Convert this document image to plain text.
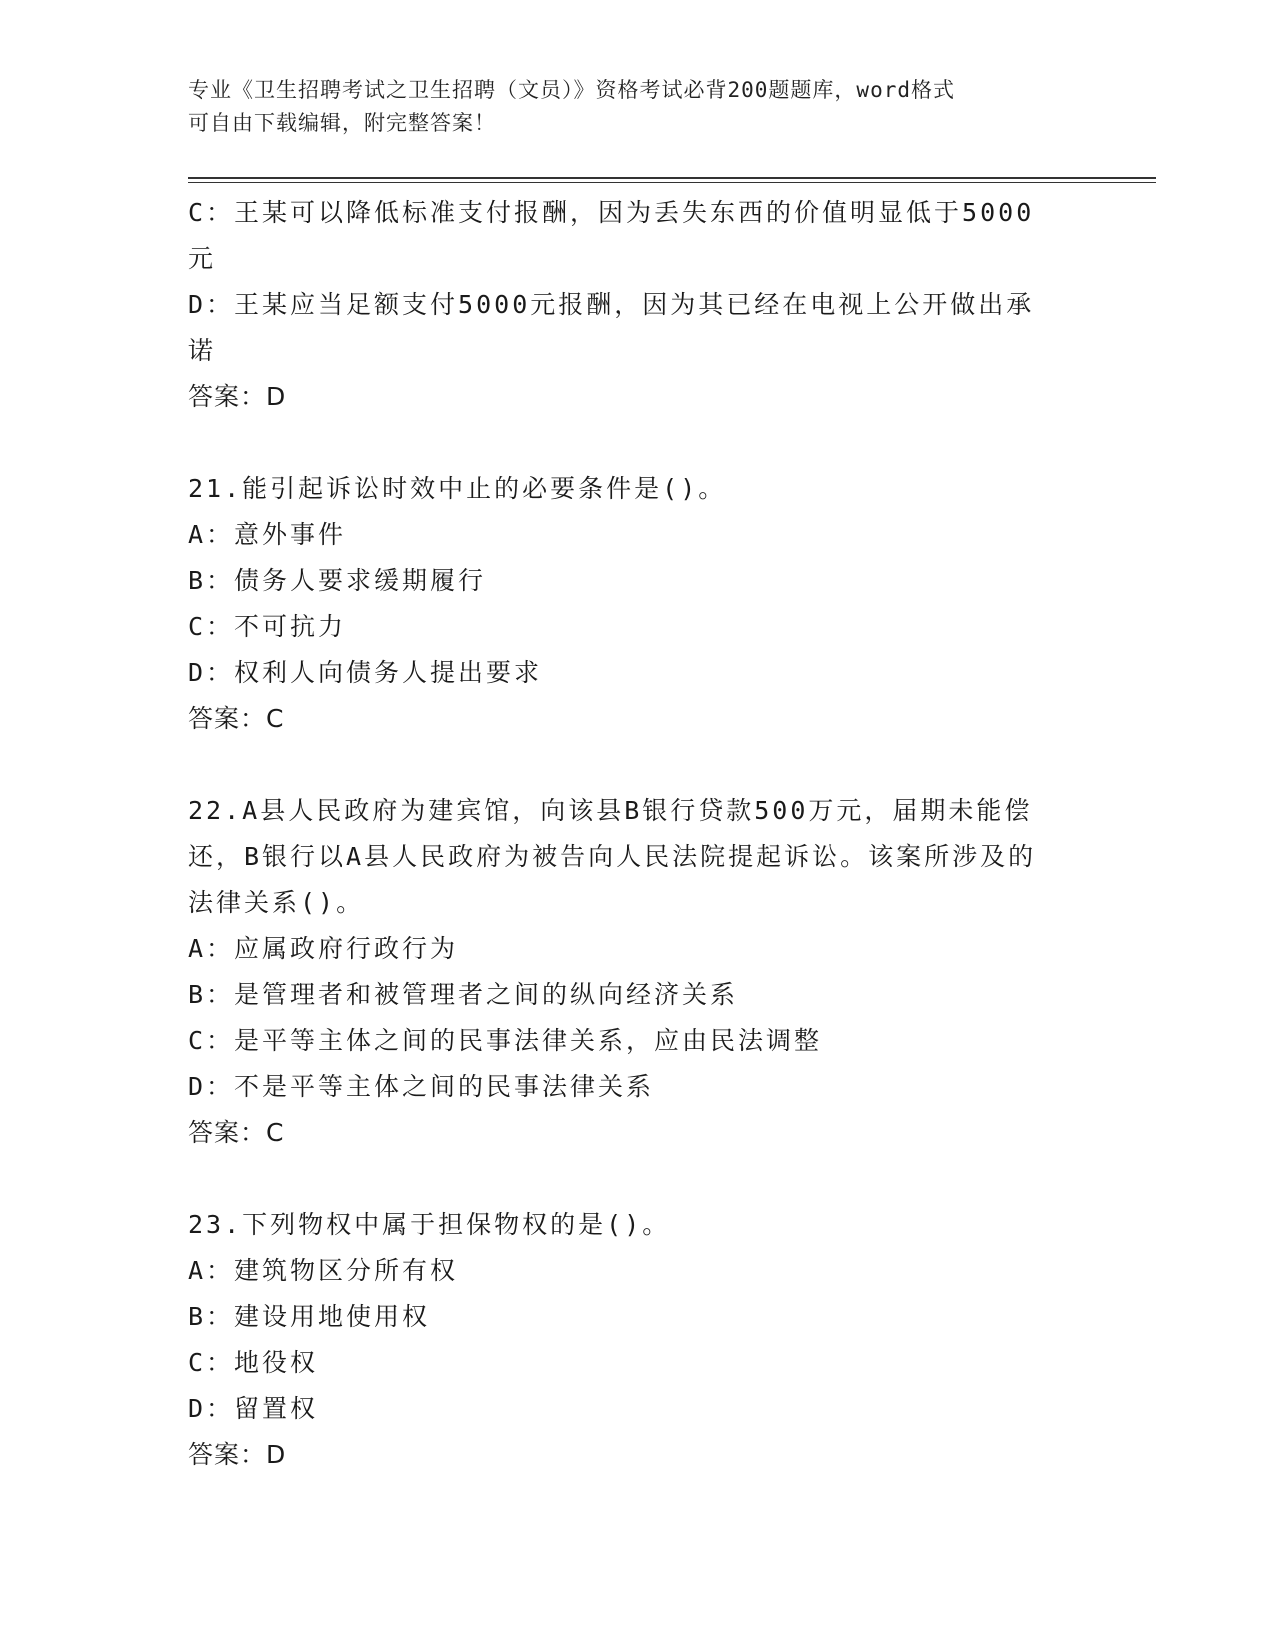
专业《卫生招聘考试之卫生招聘（文员）》资格考试必背200题题库，word格式
可自由下载编辑，附完整答案！
C：王某可以降低标准支付报酬，因为丢失东西的价值明显低于5000
元
D：王某应当足额支付5000元报酬，因为其已经在电视上公开做出承
诺
答案：D
21.能引起诉讼时效中止的必要条件是()。
A：意外事件
B：债务人要求缓期履行
C：不可抗力
D：权利人向债务人提出要求
答案：C
22.A县人民政府为建宾馆，向该县B银行贷款500万元，届期未能偿
还，B银行以A县人民政府为被告向人民法院提起诉讼。该案所涉及的
法律关系()。
A：应属政府行政行为
B：是管理者和被管理者之间的纵向经济关系
C：是平等主体之间的民事法律关系，应由民法调整
D：不是平等主体之间的民事法律关系
答案：C
23.下列物权中属于担保物权的是()。
A：建筑物区分所有权
B：建设用地使用权
C：地役权
D：留置权
答案：D
